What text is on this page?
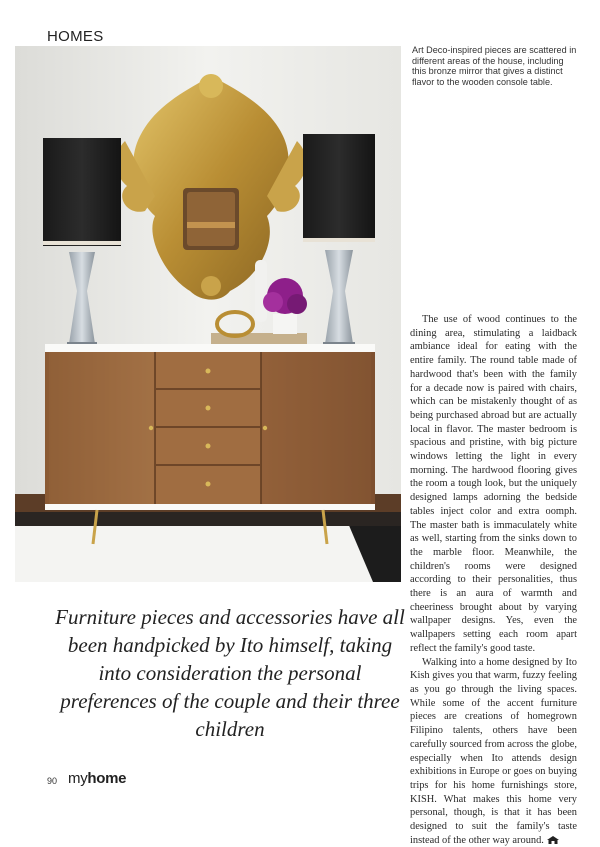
HOMES
Art Deco-inspired pieces are scattered in different areas of the house, including this bronze mirror that gives a distinct flavor to the wooden console table.

The use of wood continues to the dining area, stimulating a laidback ambiance ideal for eating with the entire family. The round table made of hardwood that's been with the family for a decade now is paired with chairs, which can be mistakenly thought of as being purchased abroad but are actually local in flavor. The master bedroom is spacious and pristine, with big picture windows letting the light in every morning. The hardwood flooring gives the room a tough look, but the uniquely designed lamps adorning the bedside tables inject color and extra oomph. The master bath is immaculately white as well, starting from the sinks down to the marble floor. Meanwhile, the children's rooms were designed according to their personalities, thus there is an aura of warmth and cheeriness brought about by varying wallpaper designs. Yes, even the wallpapers setting each room apart reflect the family's good taste.

Walking into a home designed by Ito Kish gives you that warm, fuzzy feeling as you go through the living spaces. While some of the accent furniture pieces are creations of homegrown Filipino talents, others have been carefully sourced from across the globe, especially when Ito attends design exhibitions in Europe or goes on buying trips for his home furnishings store, KISH. What makes this home very personal, though, is that it has been designed to suit the family's taste instead of the other way around.

Furniture pieces and accessories have all been handpicked by Ito himself, taking into consideration the personal preferences of the couple and their three children
90 myhome
